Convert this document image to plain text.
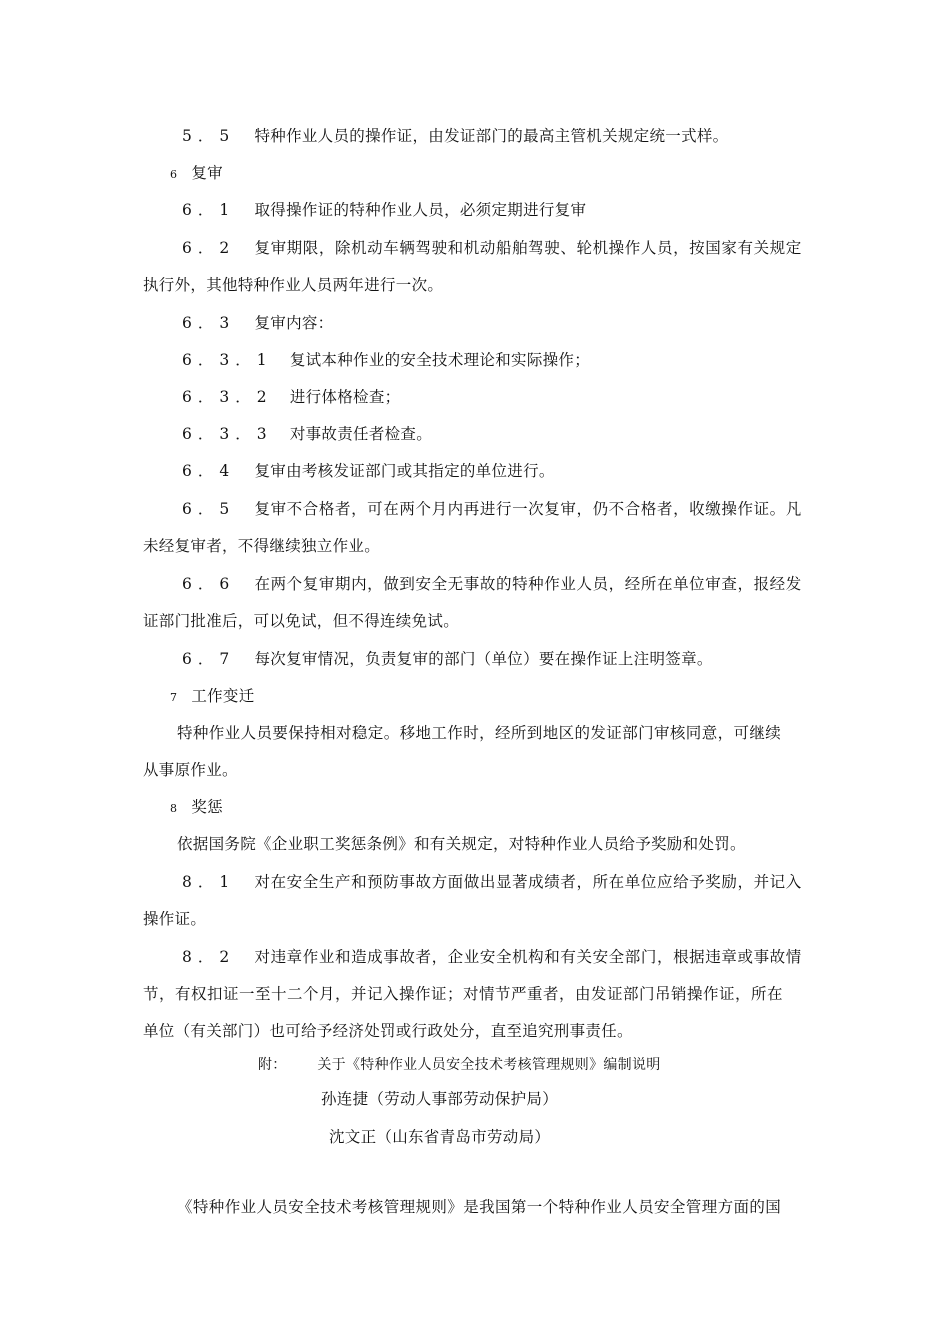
5．5 特种作业人员的操作证，由发证部门的最高主管机关规定统一式样。
6 复审
6．1 取得操作证的特种作业人员，必须定期进行复审
6．2 复审期限，除机动车辆驾驶和机动船舶驾驶、轮机操作人员，按国家有关规定
执行外，其他特种作业人员两年进行一次。
6．3 复审内容：
6．3．1 复试本种作业的安全技术理论和实际操作；
6．3．2 进行体格检查；
6．3．3 对事故责任者检查。
6．4 复审由考核发证部门或其指定的单位进行。
6．5 复审不合格者，可在两个月内再进行一次复审，仍不合格者，收缴操作证。凡
未经复审者，不得继续独立作业。
6．6 在两个复审期内，做到安全无事故的特种作业人员，经所在单位审查，报经发
证部门批准后，可以免试，但不得连续免试。
6．7 每次复审情况，负责复审的部门（单位）要在操作证上注明签章。
7 工作变迁
特种作业人员要保持相对稳定。移地工作时，经所到地区的发证部门审核同意，可继续
从事原作业。
8 奖惩
依据国务院《企业职工奖惩条例》和有关规定，对特种作业人员给予奖励和处罚。
8．1 对在安全生产和预防事故方面做出显著成绩者，所在单位应给予奖励，并记入
操作证。
8．2 对违章作业和造成事故者，企业安全机构和有关安全部门，根据违章或事故情
节，有权扣证一至十二个月，并记入操作证；对情节严重者，由发证部门吊销操作证，所在
单位（有关部门）也可给予经济处罚或行政处分，直至追究刑事责任。
附： 关于《特种作业人员安全技术考核管理规则》编制说明
孙连捷（劳动人事部劳动保护局）
沈文正（山东省青岛市劳动局）
《特种作业人员安全技术考核管理规则》是我国第一个特种作业人员安全管理方面的国
